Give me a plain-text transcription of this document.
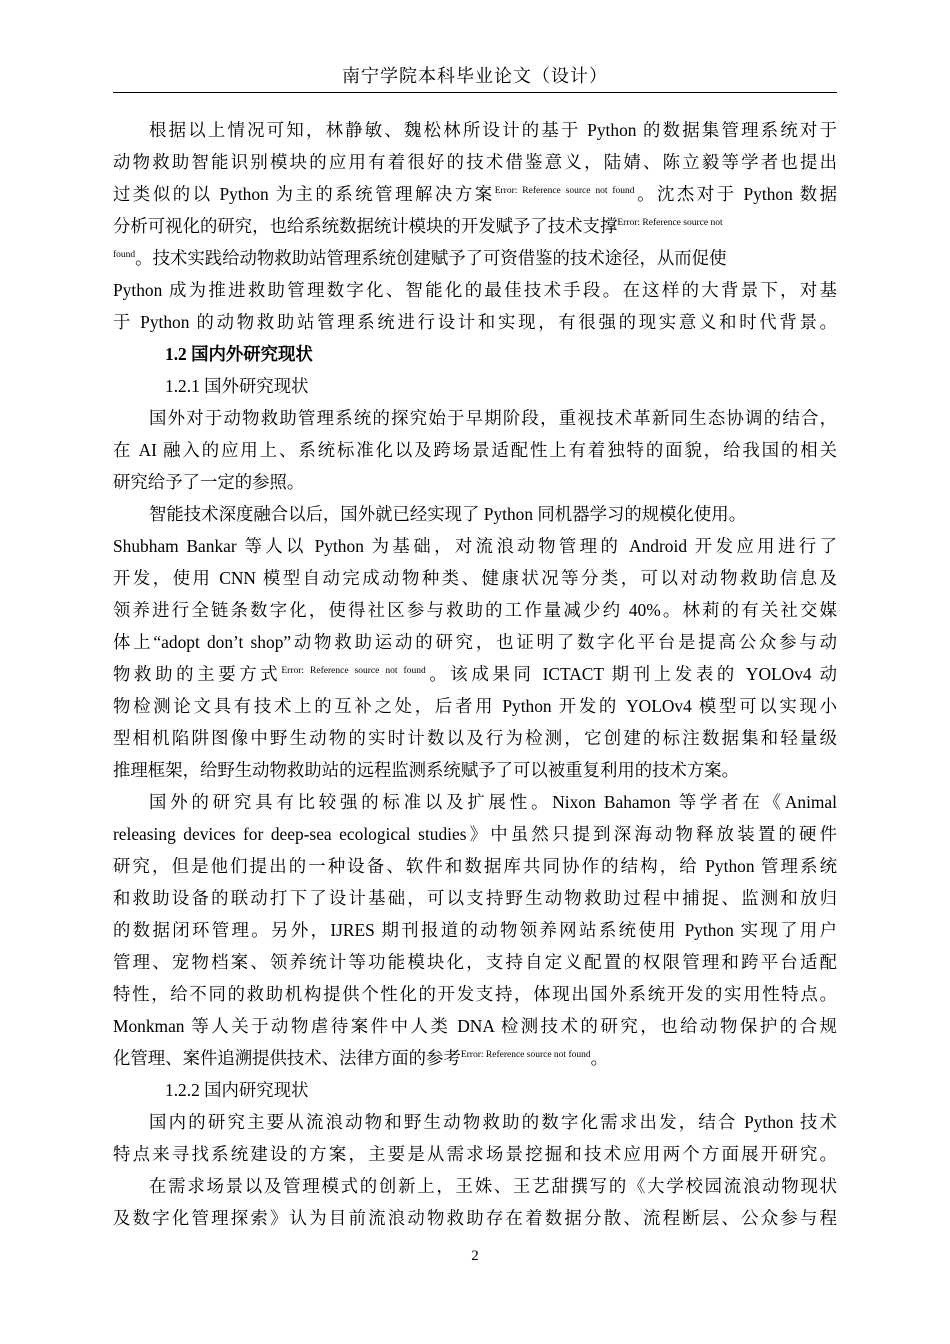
南宁学院本科毕业论文（设计）
根据以上情况可知，林静敏、魏松林所设计的基于 Python 的数据集管理系统对于
动物救助智能识别模块的应用有着很好的技术借鉴意义，陆婧、陈立毅等学者也提出
过类似的以 Python 为主的系统管理解决方案$^{Error: Reference source not found}$。沈杰对于 Python 数据
分析可视化的研究，也给系统数据统计模块的开发赋予了技术支撑$^{Error: Reference source not}$
$^{found}$。技术实践给动物救助站管理系统创建赋予了可资借鉴的技术途径，从而促使
Python 成为推进救助管理数字化、智能化的最佳技术手段。在这样的大背景下，对基
于 Python 的动物救助站管理系统进行设计和实现，有很强的现实意义和时代背景。
1.2 国内外研究现状
1.2.1 国外研究现状
国外对于动物救助管理系统的探究始于早期阶段，重视技术革新同生态协调的结合，
在 AI 融入的应用上、系统标准化以及跨场景适配性上有着独特的面貌，给我国的相关
研究给予了一定的参照。
智能技术深度融合以后，国外就已经实现了 Python 同机器学习的规模化使用。
Shubham Bankar 等人以 Python 为基础，对流浪动物管理的 Android 开发应用进行了
开发，使用 CNN 模型自动完成动物种类、健康状况等分类，可以对动物救助信息及
领养进行全链条数字化，使得社区参与救助的工作量减少约 40%。林莉的有关社交媒
体上“adopt don’t shop”动物救助运动的研究，也证明了数字化平台是提高公众参与动
物救助的主要方式$^{Error: Reference source not found}$。该成果同 ICTACT 期刊上发表的 YOLOv4 动
物检测论文具有技术上的互补之处，后者用 Python 开发的 YOLOv4 模型可以实现小
型相机陷阱图像中野生动物的实时计数以及行为检测，它创建的标注数据集和轻量级
推理框架，给野生动物救助站的远程监测系统赋予了可以被重复利用的技术方案。
国外的研究具有比较强的标准以及扩展性。Nixon Bahamon 等学者在《Animal
releasing devices for deep-sea ecological studies》中虽然只提到深海动物释放装置的硬件
研究，但是他们提出的一种设备、软件和数据库共同协作的结构，给 Python 管理系统
和救助设备的联动打下了设计基础，可以支持野生动物救助过程中捕捉、监测和放归
的数据闭环管理。另外，IJRES 期刊报道的动物领养网站系统使用 Python 实现了用户
管理、宠物档案、领养统计等功能模块化，支持自定义配置的权限管理和跨平台适配
特性，给不同的救助机构提供个性化的开发支持，体现出国外系统开发的实用性特点。
Monkman 等人关于动物虐待案件中人类 DNA 检测技术的研究，也给动物保护的合规
化管理、案件追溯提供技术、法律方面的参考$^{Error: Reference source not found}$。
1.2.2 国内研究现状
国内的研究主要从流浪动物和野生动物救助的数字化需求出发，结合 Python 技术
特点来寻找系统建设的方案，主要是从需求场景挖掘和技术应用两个方面展开研究。
在需求场景以及管理模式的创新上，王姝、王艺甜撰写的《大学校园流浪动物现状
及数字化管理探索》认为目前流浪动物救助存在着数据分散、流程断层、公众参与程
2
